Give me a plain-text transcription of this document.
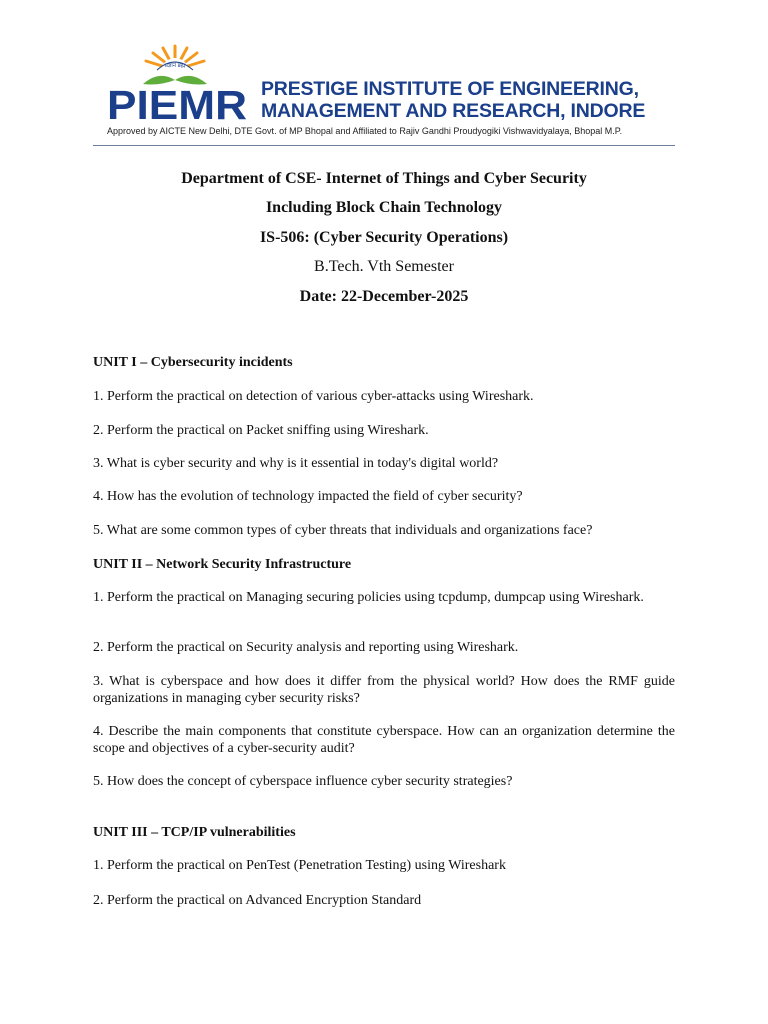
प्रज्ञानं ब्रह्म
PIEMR PRESTIGE INSTITUTE OF ENGINEERING,
MANAGEMENT AND RESEARCH, INDORE
Approved by AICTE New Delhi, DTE Govt. of MP Bhopal and Affiliated to Rajiv Gandhi Proudyogiki Vishwavidyalaya, Bhopal M.P.
Department of CSE- Internet of Things and Cyber Security
Including Block Chain Technology
IS-506: (Cyber Security Operations)
B.Tech. Vth Semester
Date: 22-December-2025
UNIT I – Cybersecurity incidents
1. Perform the practical on detection of various cyber-attacks using Wireshark.
2. Perform the practical on Packet sniffing using Wireshark.
3. What is cyber security and why is it essential in today's digital world?
4. How has the evolution of technology impacted the field of cyber security?
5. What are some common types of cyber threats that individuals and organizations face?
UNIT II – Network Security Infrastructure
1. Perform the practical on Managing securing policies using tcpdump, dumpcap using Wireshark.
2. Perform the practical on Security analysis and reporting using Wireshark.
3. What is cyberspace and how does it differ from the physical world? How does the RMF guide organizations in managing cyber security risks?
4. Describe the main components that constitute cyberspace. How can an organization determine the scope and objectives of a cyber-security audit?
5. How does the concept of cyberspace influence cyber security strategies?
UNIT III – TCP/IP vulnerabilities
1. Perform the practical on PenTest (Penetration Testing) using Wireshark
2. Perform the practical on Advanced Encryption Standard
